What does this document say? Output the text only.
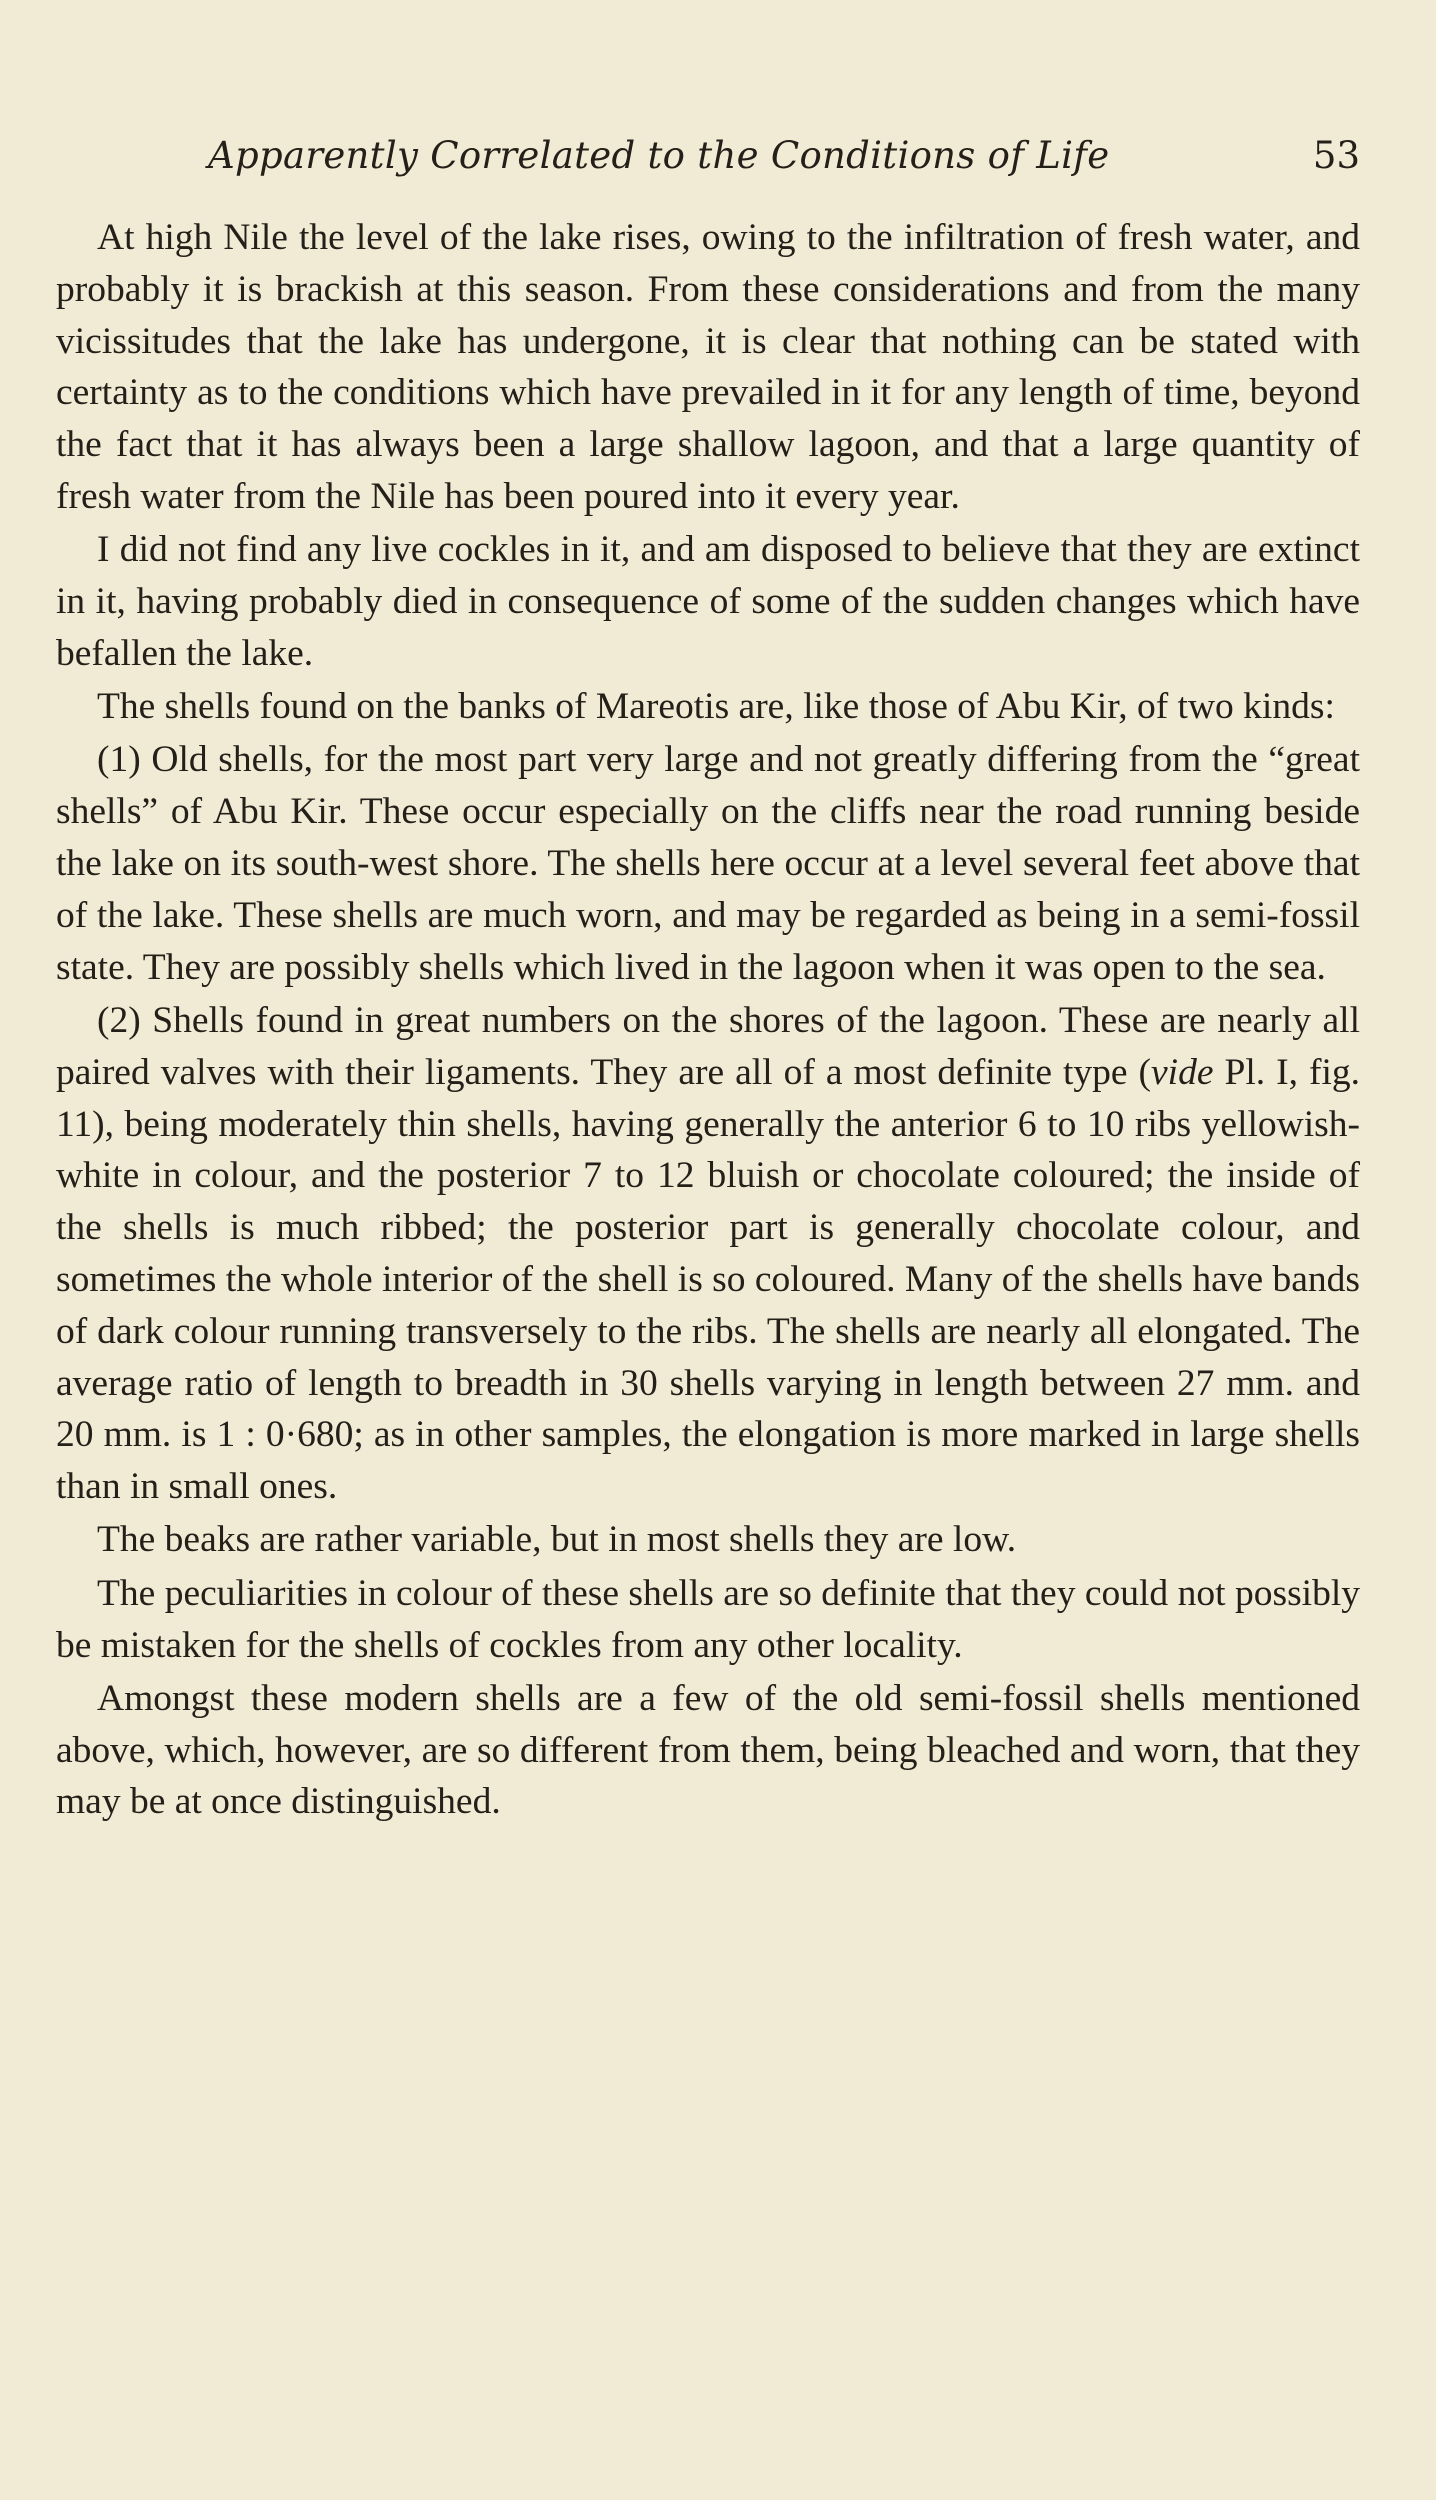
Apparently Correlated to the Conditions of Life	53

At high Nile the level of the lake rises, owing to the infiltration of fresh water, and probably it is brackish at this season. From these considerations and from the many vicissitudes that the lake has undergone, it is clear that nothing can be stated with certainty as to the conditions which have prevailed in it for any length of time, beyond the fact that it has always been a large shallow lagoon, and that a large quantity of fresh water from the Nile has been poured into it every year.

I did not find any live cockles in it, and am disposed to believe that they are extinct in it, having probably died in consequence of some of the sudden changes which have befallen the lake.

The shells found on the banks of Mareotis are, like those of Abu Kir, of two kinds:

(1) Old shells, for the most part very large and not greatly differing from the “great shells” of Abu Kir. These occur especially on the cliffs near the road running beside the lake on its south-west shore. The shells here occur at a level several feet above that of the lake. These shells are much worn, and may be regarded as being in a semi-fossil state. They are possibly shells which lived in the lagoon when it was open to the sea.

(2) Shells found in great numbers on the shores of the lagoon. These are nearly all paired valves with their ligaments. They are all of a most definite type (vide Pl. I, fig. 11), being moderately thin shells, having generally the anterior 6 to 10 ribs yellowish-white in colour, and the posterior 7 to 12 bluish or chocolate coloured; the inside of the shells is much ribbed; the posterior part is generally chocolate colour, and sometimes the whole interior of the shell is so coloured. Many of the shells have bands of dark colour running transversely to the ribs. The shells are nearly all elongated. The average ratio of length to breadth in 30 shells varying in length between 27 mm. and 20 mm. is 1 : 0·680; as in other samples, the elongation is more marked in large shells than in small ones.

The beaks are rather variable, but in most shells they are low.

The peculiarities in colour of these shells are so definite that they could not possibly be mistaken for the shells of cockles from any other locality.

Amongst these modern shells are a few of the old semi-fossil shells mentioned above, which, however, are so different from them, being bleached and worn, that they may be at once distinguished.
